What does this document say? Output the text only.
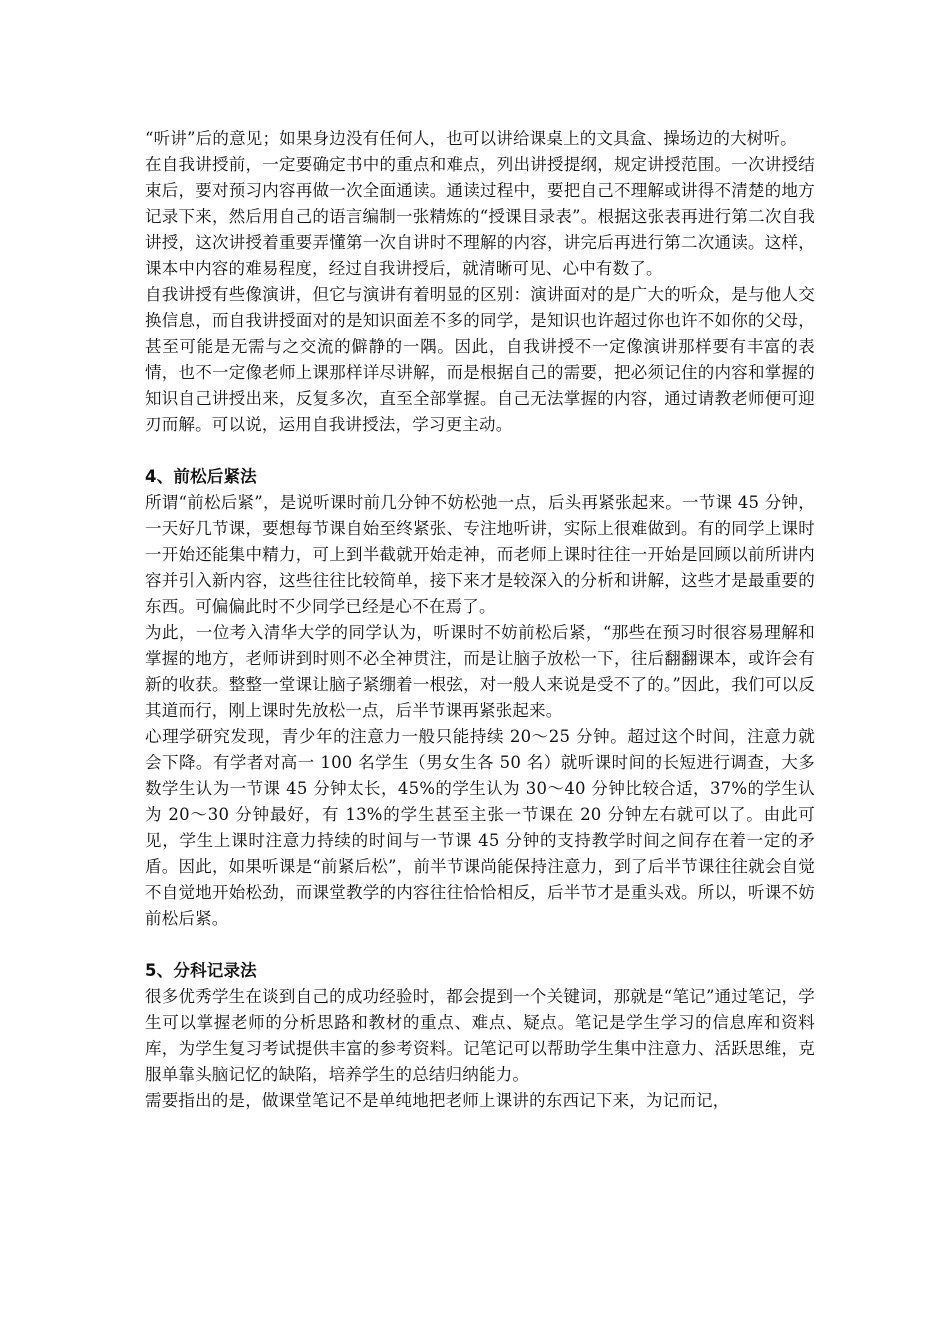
“听讲”后的意见；如果身边没有任何人，也可以讲给课桌上的文具盒、操场边的大树听。

在自我讲授前，一定要确定书中的重点和难点，列出讲授提纲，规定讲授范围。一次讲授结束后，要对预习内容再做一次全面通读。通读过程中，要把自己不理解或讲得不清楚的地方记录下来，然后用自己的语言编制一张精炼的“授课目录表”。根据这张表再进行第二次自我讲授，这次讲授着重要弄懂第一次自讲时不理解的内容，讲完后再进行第二次通读。这样，课本中内容的难易程度，经过自我讲授后，就清晰可见、心中有数了。

自我讲授有些像演讲，但它与演讲有着明显的区别：演讲面对的是广大的听众，是与他人交换信息，而自我讲授面对的是知识面差不多的同学，是知识也许超过你也许不如你的父母，甚至可能是无需与之交流的僻静的一隅。因此，自我讲授不一定像演讲那样要有丰富的表情，也不一定像老师上课那样详尽讲解，而是根据自己的需要，把必须记住的内容和掌握的知识自己讲授出来，反复多次，直至全部掌握。自己无法掌握的内容，通过请教老师便可迎刃而解。可以说，运用自我讲授法，学习更主动。

4、前松后紧法

所谓“前松后紧”，是说听课时前几分钟不妨松弛一点，后头再紧张起来。一节课 45 分钟，一天好几节课，要想每节课自始至终紧张、专注地听讲，实际上很难做到。有的同学上课时一开始还能集中精力，可上到半截就开始走神，而老师上课时往往一开始是回顾以前所讲内容并引入新内容，这些往往比较简单，接下来才是较深入的分析和讲解，这些才是最重要的东西。可偏偏此时不少同学已经是心不在焉了。

为此，一位考入清华大学的同学认为，听课时不妨前松后紧，“那些在预习时很容易理解和掌握的地方，老师讲到时则不必全神贯注，而是让脑子放松一下，往后翻翻课本，或许会有新的收获。整整一堂课让脑子紧绷着一根弦，对一般人来说是受不了的。”因此，我们可以反其道而行，刚上课时先放松一点，后半节课再紧张起来。

心理学研究发现，青少年的注意力一般只能持续 20～25 分钟。超过这个时间，注意力就会下降。有学者对高一 100 名学生（男女生各 50 名）就听课时间的长短进行调查，大多数学生认为一节课 45 分钟太长，45%的学生认为 30～40 分钟比较合适，37%的学生认为 20～30 分钟最好，有 13%的学生甚至主张一节课在 20 分钟左右就可以了。由此可见，学生上课时注意力持续的时间与一节课 45 分钟的支持教学时间之间存在着一定的矛盾。因此，如果听课是“前紧后松”，前半节课尚能保持注意力，到了后半节课往往就会自觉不自觉地开始松劲，而课堂教学的内容往往恰恰相反，后半节才是重头戏。所以，听课不妨前松后紧。

5、分科记录法

很多优秀学生在谈到自己的成功经验时，都会提到一个关键词，那就是“笔记”通过笔记，学生可以掌握老师的分析思路和教材的重点、难点、疑点。笔记是学生学习的信息库和资料库，为学生复习考试提供丰富的参考资料。记笔记可以帮助学生集中注意力、活跃思维，克服单靠头脑记忆的缺陷，培养学生的总结归纳能力。

需要指出的是，做课堂笔记不是单纯地把老师上课讲的东西记下来，为记而记，
